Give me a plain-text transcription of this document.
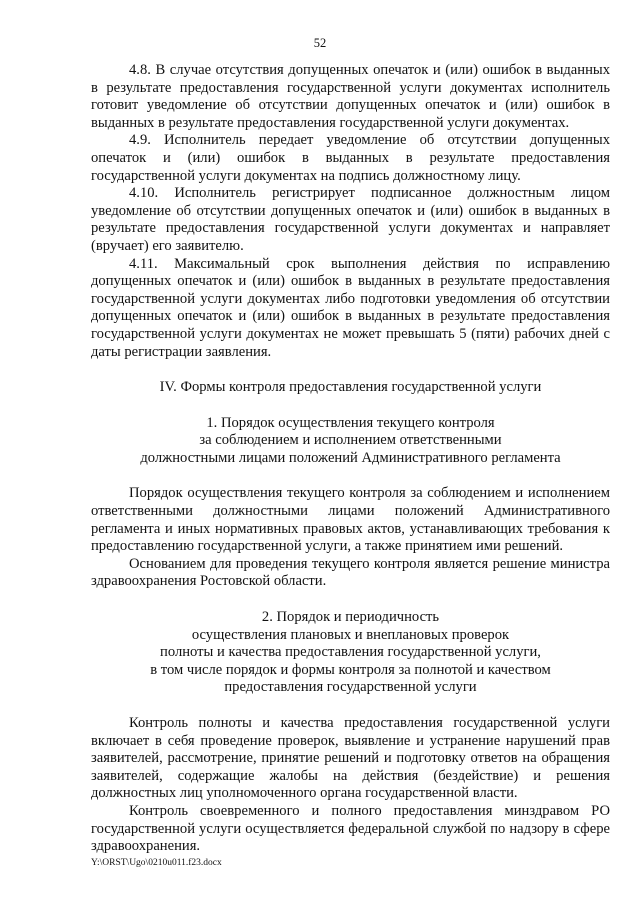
52

4.8. В случае отсутствия допущенных опечаток и (или) ошибок в выданных в результате предоставления государственной услуги документах исполнитель готовит уведомление об отсутствии допущенных опечаток и (или) ошибок в выданных в результате предоставления государственной услуги документах.

4.9. Исполнитель передает уведомление об отсутствии допущенных опечаток и (или) ошибок в выданных в результате предоставления государственной услуги документах на подпись должностному лицу.

4.10. Исполнитель регистрирует подписанное должностным лицом уведомление об отсутствии допущенных опечаток и (или) ошибок в выданных в результате предоставления государственной услуги документах и направляет (вручает) его заявителю.

4.11. Максимальный срок выполнения действия по исправлению допущенных опечаток и (или) ошибок в выданных в результате предоставления государственной услуги документах либо подготовки уведомления об отсутствии допущенных опечаток и (или) ошибок в выданных в результате предоставления государственной услуги документах не может превышать 5 (пяти) рабочих дней с даты регистрации заявления.

IV. Формы контроля предоставления государственной услуги

1. Порядок осуществления текущего контроля

за соблюдением и исполнением ответственными

должностными лицами положений Административного регламента

Порядок осуществления текущего контроля за соблюдением и исполнением ответственными должностными лицами положений Административного регламента и иных нормативных правовых актов, устанавливающих требования к предоставлению государственной услуги, а также принятием ими решений.

Основанием для проведения текущего контроля является решение министра здравоохранения Ростовской области.

2. Порядок и периодичность

осуществления плановых и внеплановых проверок

полноты и качества предоставления государственной услуги,

в том числе порядок и формы контроля за полнотой и качеством

предоставления государственной услуги

Контроль полноты и качества предоставления государственной услуги включает в себя проведение проверок, выявление и устранение нарушений прав заявителей, рассмотрение, принятие решений и подготовку ответов на обращения заявителей, содержащие жалобы на действия (бездействие) и решения должностных лиц уполномоченного органа государственной власти.

Контроль своевременного и полного предоставления минздравом РО государственной услуги осуществляется федеральной службой по надзору в сфере здравоохранения.

Y:\ORST\Ugo\0210u011.f23.docx
